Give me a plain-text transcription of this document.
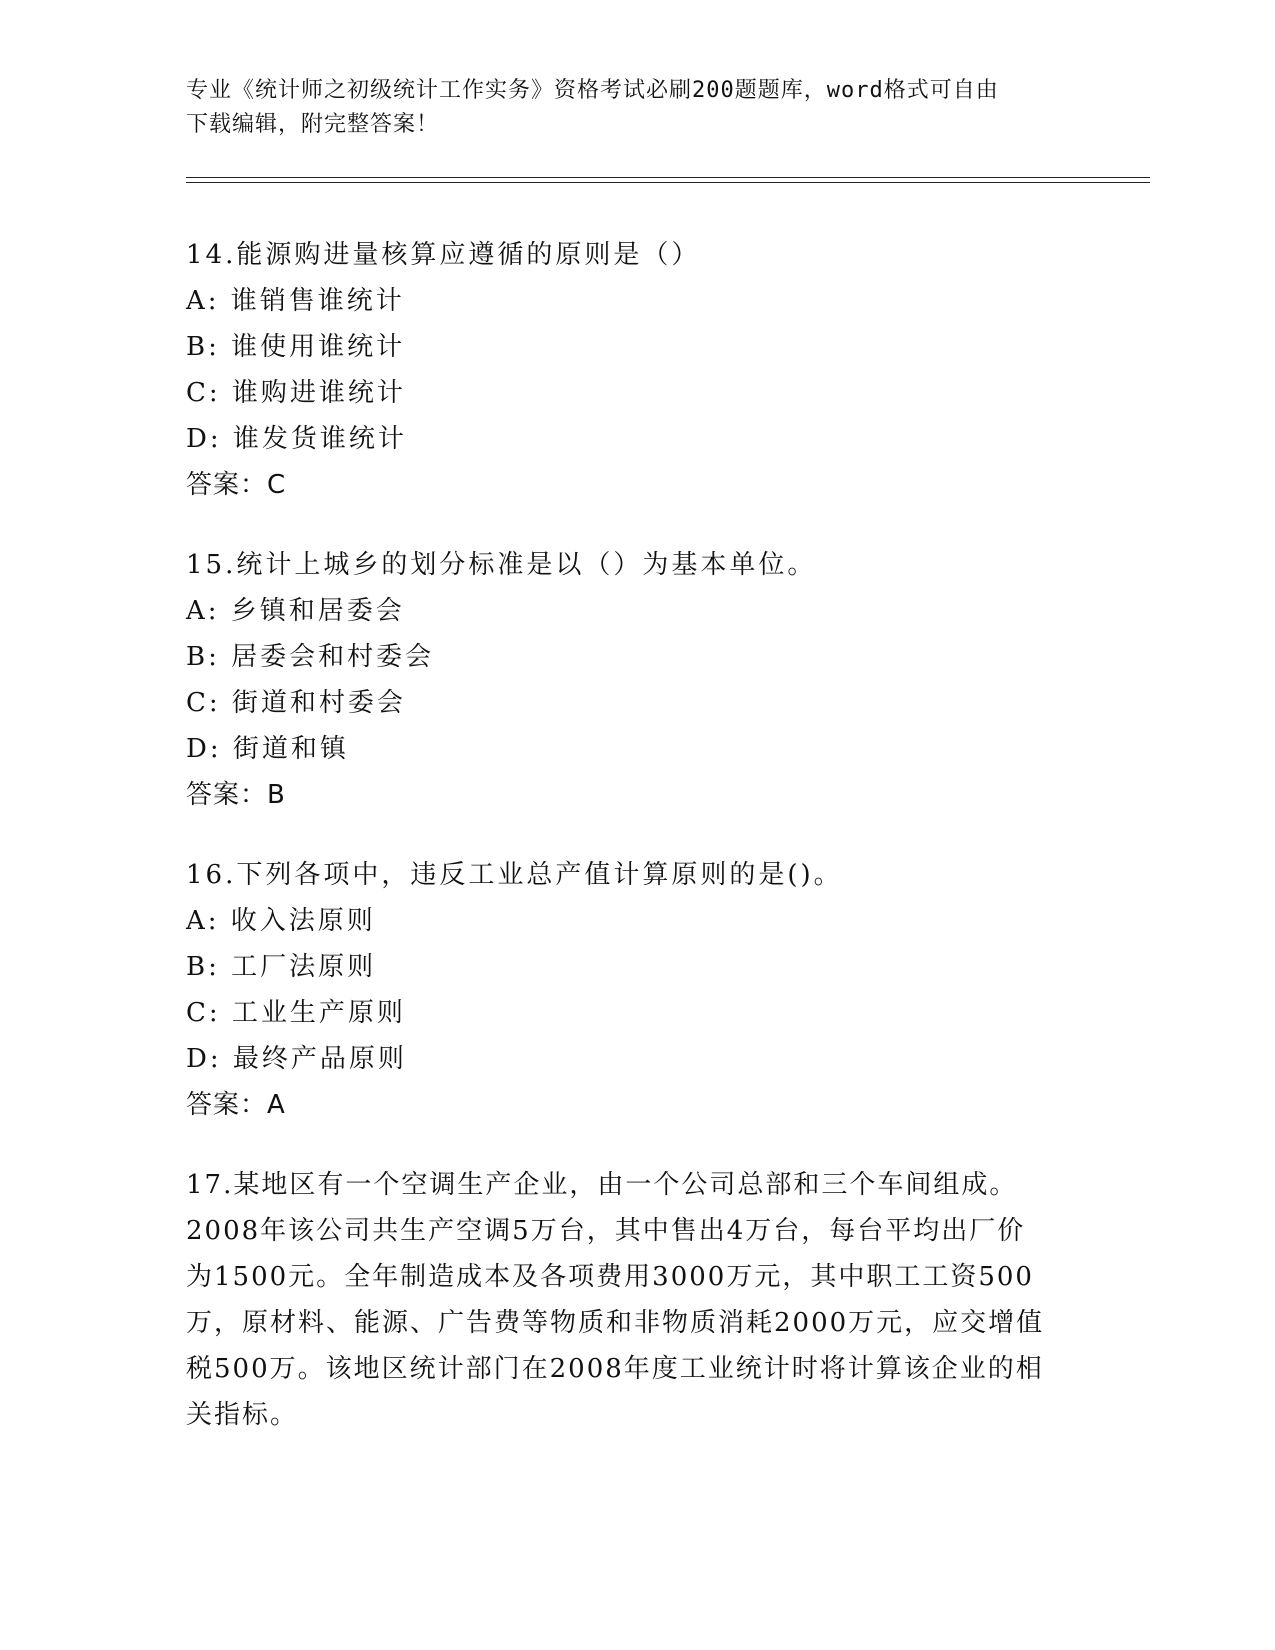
专业《统计师之初级统计工作实务》资格考试必刷200题题库，word格式可自由
下载编辑，附完整答案！
14.能源购进量核算应遵循的原则是（）
A: 谁销售谁统计
B: 谁使用谁统计
C: 谁购进谁统计
D: 谁发货谁统计
答案：C
15.统计上城乡的划分标准是以（）为基本单位。
A: 乡镇和居委会
B: 居委会和村委会
C: 街道和村委会
D: 街道和镇
答案：B
16.下列各项中，违反工业总产值计算原则的是()。
A: 收入法原则
B: 工厂法原则
C: 工业生产原则
D: 最终产品原则
答案：A
17.某地区有一个空调生产企业，由一个公司总部和三个车间组成。
2008年该公司共生产空调5万台，其中售出4万台，每台平均出厂价
为1500元。全年制造成本及各项费用3000万元，其中职工工资500
万，原材料、能源、广告费等物质和非物质消耗2000万元，应交增值
税500万。该地区统计部门在2008年度工业统计时将计算该企业的相
关指标。
